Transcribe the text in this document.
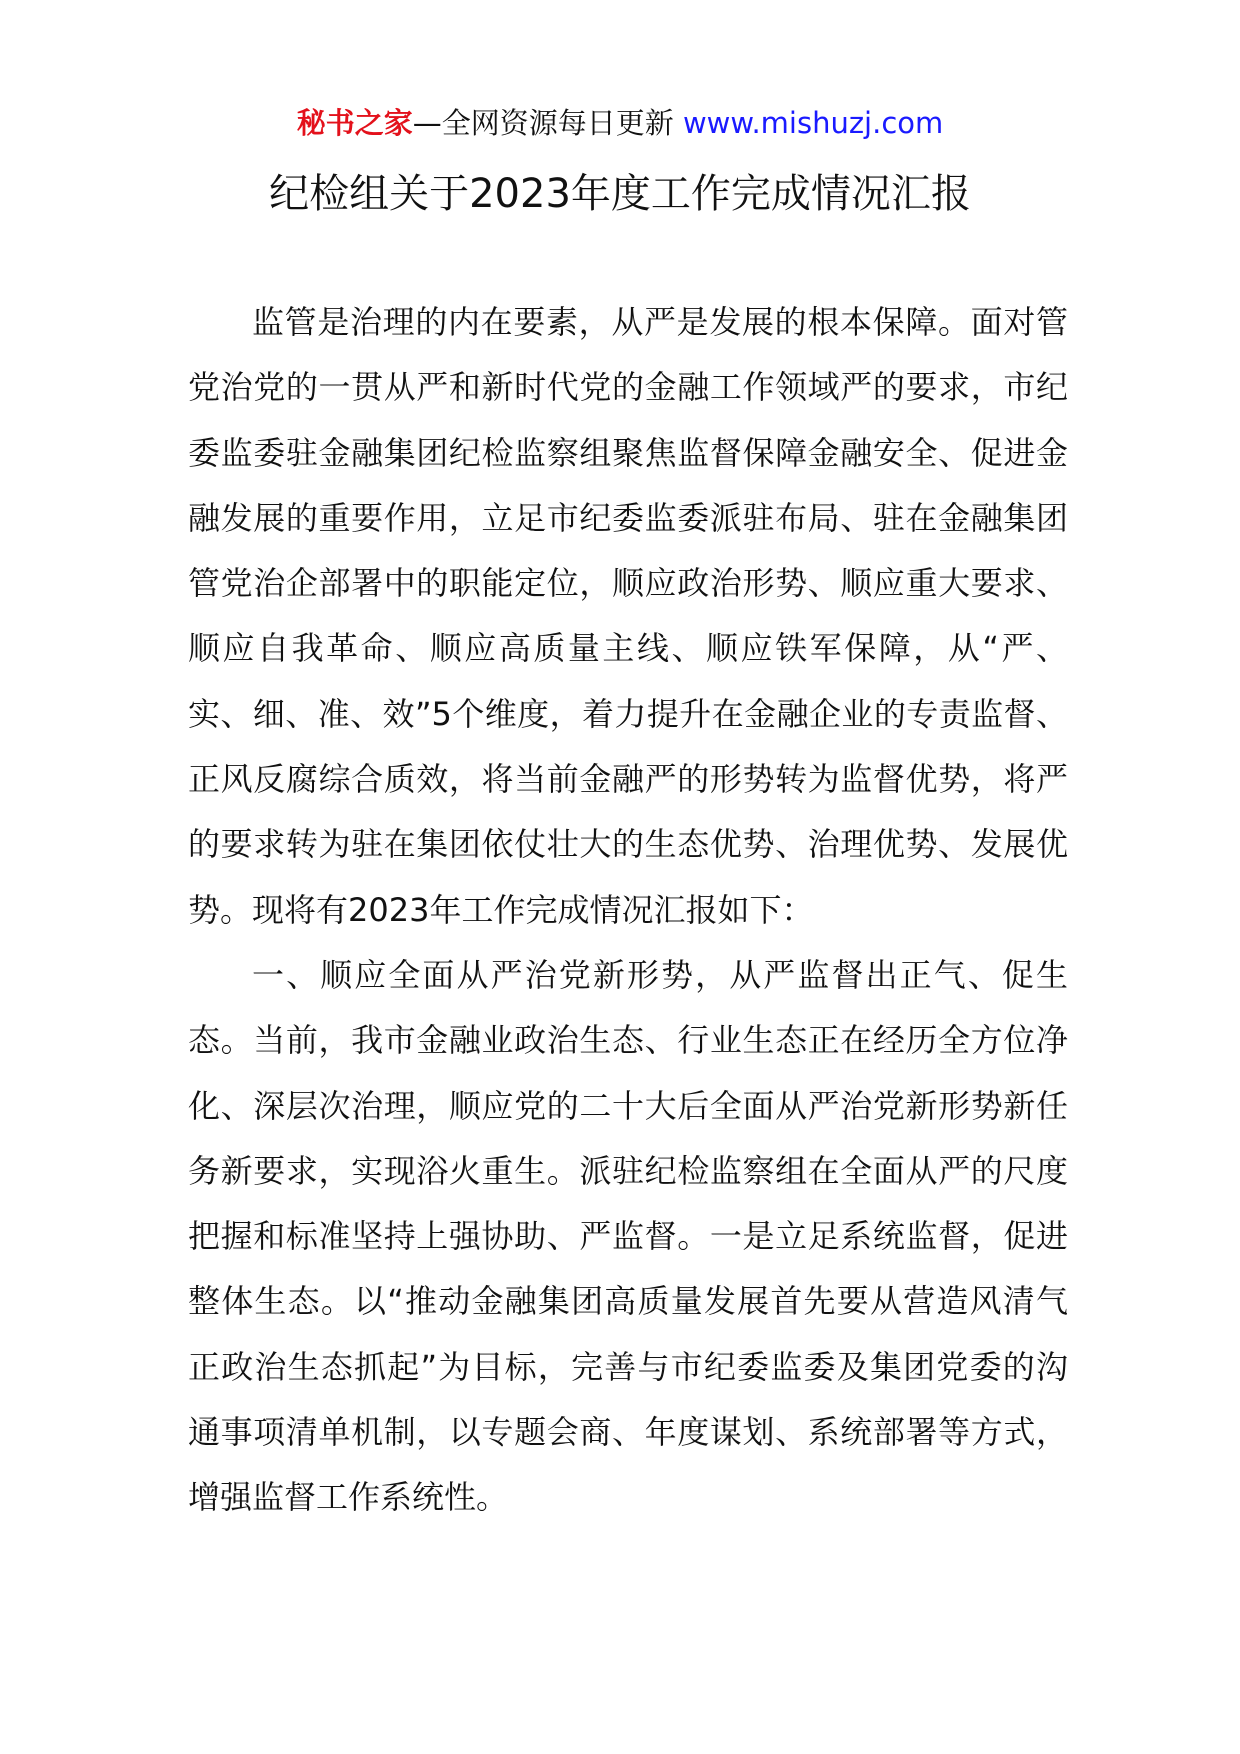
秘书之家—全网资源每日更新 www.mishuzj.com
纪检组关于2023年度工作完成情况汇报

监管是治理的内在要素，从严是发展的根本保障。面对管党治党的一贯从严和新时代党的金融工作领域严的要求，市纪委监委驻金融集团纪检监察组聚焦监督保障金融安全、促进金融发展的重要作用，立足市纪委监委派驻布局、驻在金融集团管党治企部署中的职能定位，顺应政治形势、顺应重大要求、顺应自我革命、顺应高质量主线、顺应铁军保障，从“严、实、细、准、效”5个维度，着力提升在金融企业的专责监督、正风反腐综合质效，将当前金融严的形势转为监督优势，将严的要求转为驻在集团依仗壮大的生态优势、治理优势、发展优势。现将有2023年工作完成情况汇报如下：

一、顺应全面从严治党新形势，从严监督出正气、促生态。当前，我市金融业政治生态、行业生态正在经历全方位净化、深层次治理，顺应党的二十大后全面从严治党新形势新任务新要求，实现浴火重生。派驻纪检监察组在全面从严的尺度把握和标准坚持上强协助、严监督。一是立足系统监督，促进整体生态。以“推动金融集团高质量发展首先要从营造风清气正政治生态抓起”为目标，完善与市纪委监委及集团党委的沟通事项清单机制，以专题会商、年度谋划、系统部署等方式，增强监督工作系统性。
